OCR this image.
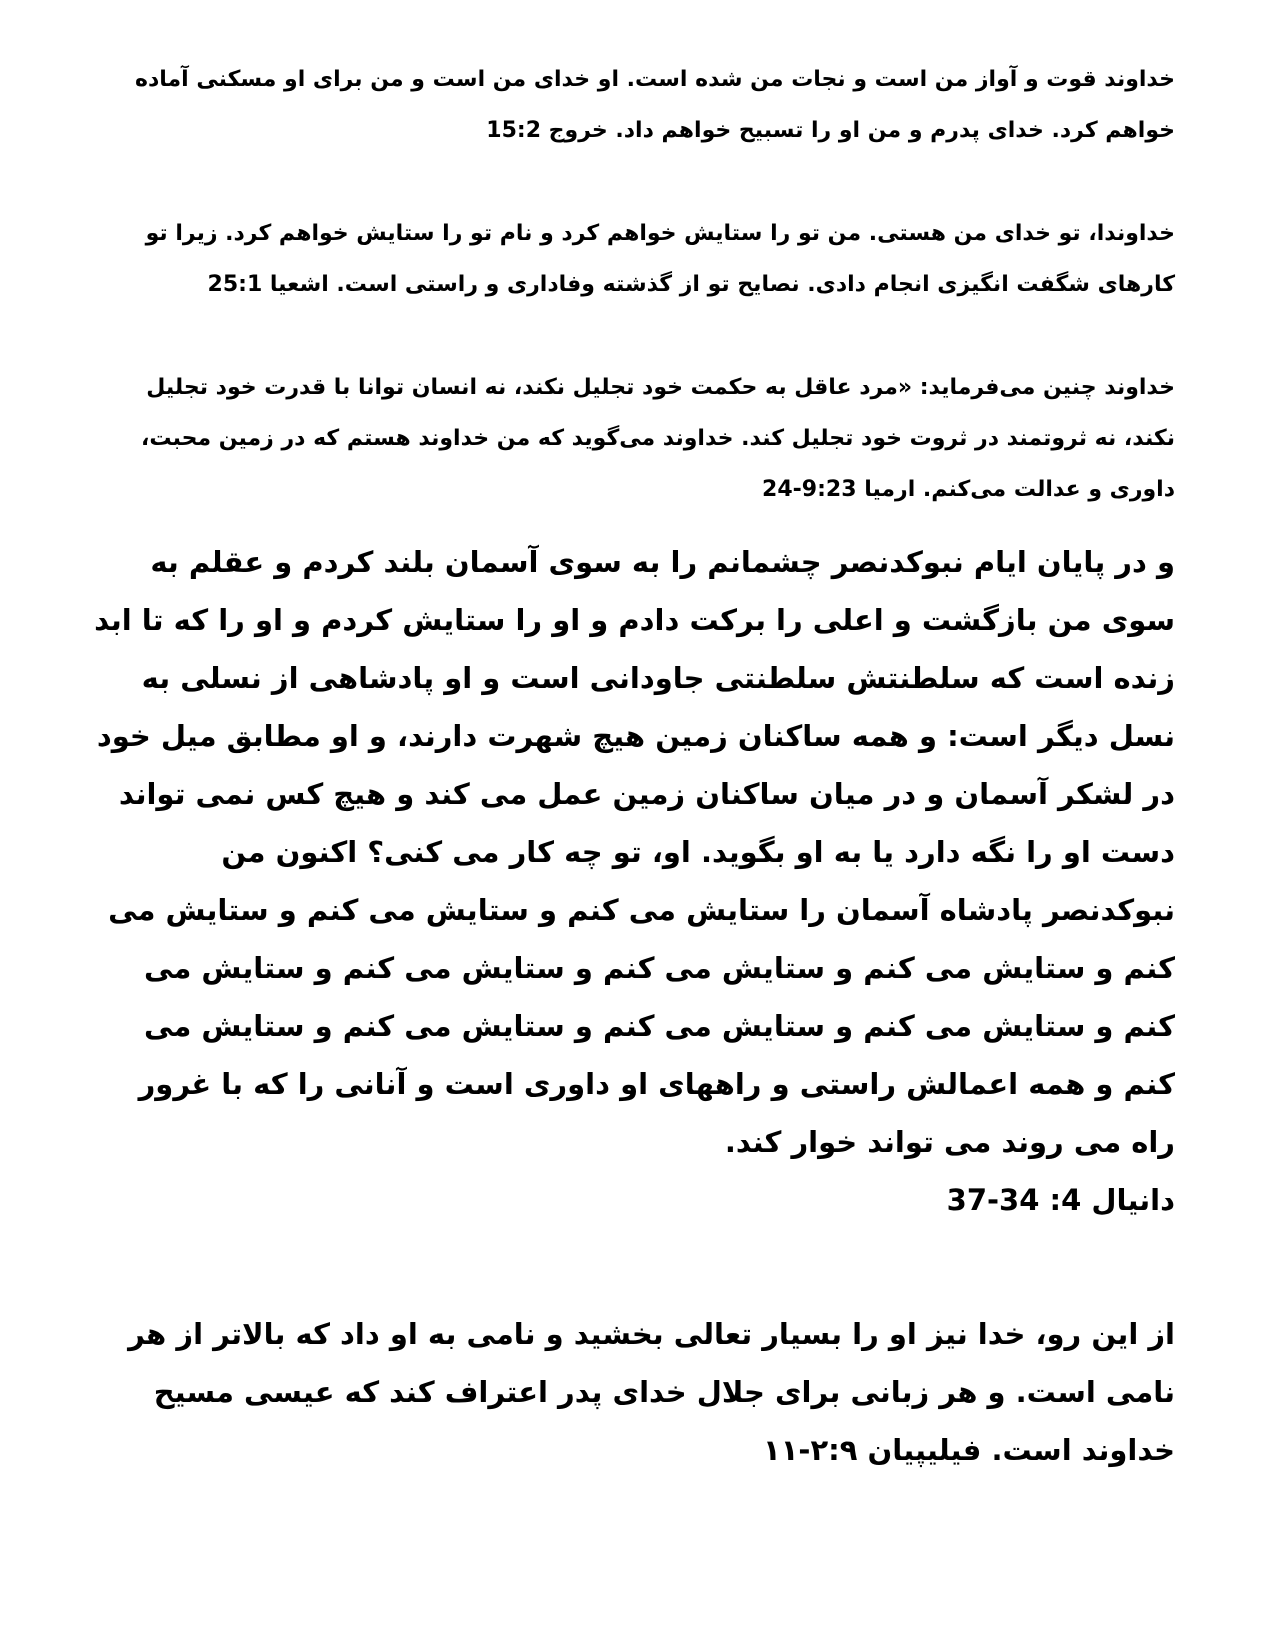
خداوند قوت و آواز من است و نجات من شده است. او خدای من است و من برای او مسکنی آماده خواهم کرد. خدای پدرم و من او را تسبیح خواهم داد. خروج 15:2

خداوندا، تو خدای من هستی. من تو را ستایش خواهم کرد و نام تو را ستایش خواهم کرد. زیرا تو کارهای شگفت انگیزی انجام دادی. نصایح تو از گذشته وفاداری و راستی است. اشعیا 25:1

خداوند چنین می‌فرماید: «مرد عاقل به حکمت خود تجلیل نکند، نه انسان توانا با قدرت خود تجلیل نکند، نه ثروتمند در ثروت خود تجلیل کند. خداوند می‌گوید که من خداوند هستم که در زمین محبت، داوری و عدالت می‌کنم. ارمیا 9:23-24

و در پایان ایام نبوکدنصر چشمانم را به سوی آسمان بلند کردم و عقلم به سوی من بازگشت و اعلی را برکت دادم و او را ستایش کردم و او را که تا ابد زنده است که سلطنتش سلطنتی جاودانی است و او پادشاهی از نسلی به نسل دیگر است: و همه ساکنان زمین هیچ شهرت دارند، و او مطابق میل خود در لشکر آسمان و در میان ساکنان زمین عمل می کند و هیچ کس نمی تواند دست او را نگه دارد یا به او بگوید. او، تو چه کار می کنی؟ اکنون من نبوکدنصر پادشاه آسمان را ستایش می کنم و ستایش می کنم و ستایش می کنم و ستایش می کنم و ستایش می کنم و ستایش می کنم و ستایش می کنم و ستایش می کنم و ستایش می کنم و ستایش می کنم و ستایش می کنم و همه اعمالش راستی و راههای او داوری است و آنانی را که با غرور راه می روند می تواند خوار کند.

دانیال 4: 34-37

از این رو، خدا نیز او را بسیار تعالی بخشید و نامی به او داد که بالاتر از هر نامی است. و هر زبانی برای جلال خدای پدر اعتراف کند که عیسی مسیح خداوند است. فیلیپیان ۲:۹-۱۱
